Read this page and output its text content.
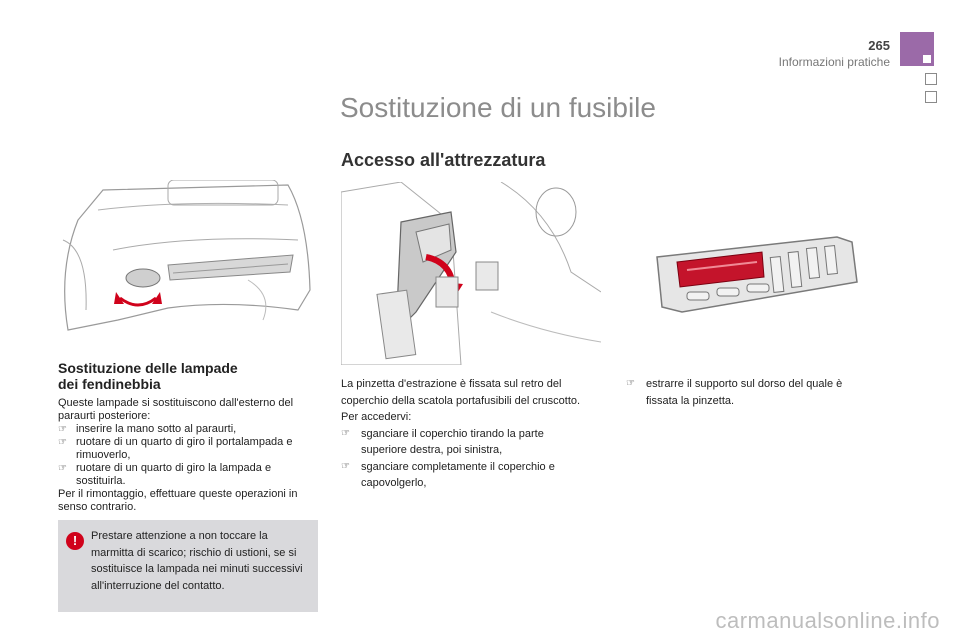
265
Informazioni pratiche
Sostituzione di un fusibile
Accesso all'attrezzatura
Sostituzione delle lampade
dei fendinebbia
Queste lampade si sostituiscono dall'esterno del paraurti posteriore:
☞ inserire la mano sotto al paraurti,
☞ ruotare di un quarto di giro il portalampada e rimuoverlo,
☞ ruotare di un quarto di giro la lampada e sostituirla.
Per il rimontaggio, effettuare queste operazioni in senso contrario.
!	Prestare attenzione a non toccare la marmitta di scarico; rischio di ustioni, se si sostituisce la lampada nei minuti successivi all'interruzione del contatto.
La pinzetta d'estrazione è fissata sul retro del coperchio della scatola portafusibili del cruscotto.
Per accedervi:
☞ sganciare il coperchio tirando la parte superiore destra, poi sinistra,
☞ sganciare completamente il coperchio e capovolgerlo,
☞ estrarre il supporto sul dorso del quale è fissata la pinzetta.
carmanualsonline.info
